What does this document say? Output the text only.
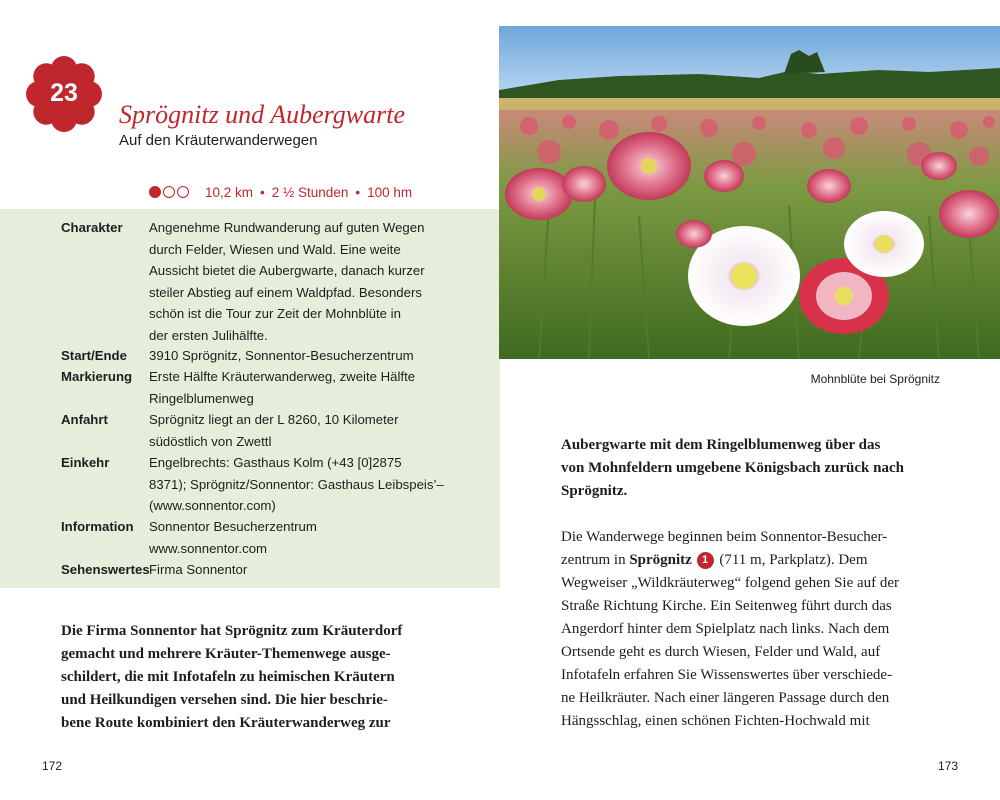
23
Sprögnitz und Aubergwarte
Auf den Kräuterwanderwegen
10,2 km • 2 ½ Stunden • 100 hm
Charakter Angenehme Rundwanderung auf guten Wegen
durch Felder, Wiesen und Wald. Eine weite
Aussicht bietet die Aubergwarte, danach kurzer
steiler Abstieg auf einem Waldpfad. Besonders
schön ist die Tour zur Zeit der Mohnblüte in
der ersten Julihälfte.
Start/Ende 3910 Sprögnitz, Sonnentor-Besucherzentrum
Markierung Erste Hälfte Kräuterwanderweg, zweite Hälfte
Ringelblumenweg
Anfahrt	Sprögnitz liegt an der L 8260, 10 Kilometer
südöstlich von Zwettl
Einkehr	Engelbrechts: Gasthaus Kolm (+43 [0]2875
8371); Sprögnitz/Sonnentor: Gasthaus Leibspeis’–
(www.sonnentor.com)
Information Sonnentor Besucherzentrum
www.sonnentor.com
Sehenswertes Firma Sonnentor
Die Firma Sonnentor hat Sprögnitz zum Kräuterdorf
gemacht und mehrere Kräuter-Themenwege ausge-
schildert, die mit Infotafeln zu heimischen Kräutern
und Heilkundigen versehen sind. Die hier beschrie-
bene Route kombiniert den Kräuterwanderweg zur
172
Mohnblüte bei Sprögnitz
Aubergwarte mit dem Ringelblumenweg über das
von Mohnfeldern umgebene Königsbach zurück nach
Sprögnitz.
Die Wanderwege beginnen beim Sonnentor-Besucher-
zentrum in Sprögnitz 1 (711 m, Parkplatz). Dem
Wegweiser „Wildkräuterweg“ folgend gehen Sie auf der
Straße Richtung Kirche. Ein Seitenweg führt durch das
Angerdorf hinter dem Spielplatz nach links. Nach dem
Ortsende geht es durch Wiesen, Felder und Wald, auf
Infotafeln erfahren Sie Wissenswertes über verschiede-
ne Heilkräuter. Nach einer längeren Passage durch den
Hängsschlag, einen schönen Fichten-Hochwald mit
173
